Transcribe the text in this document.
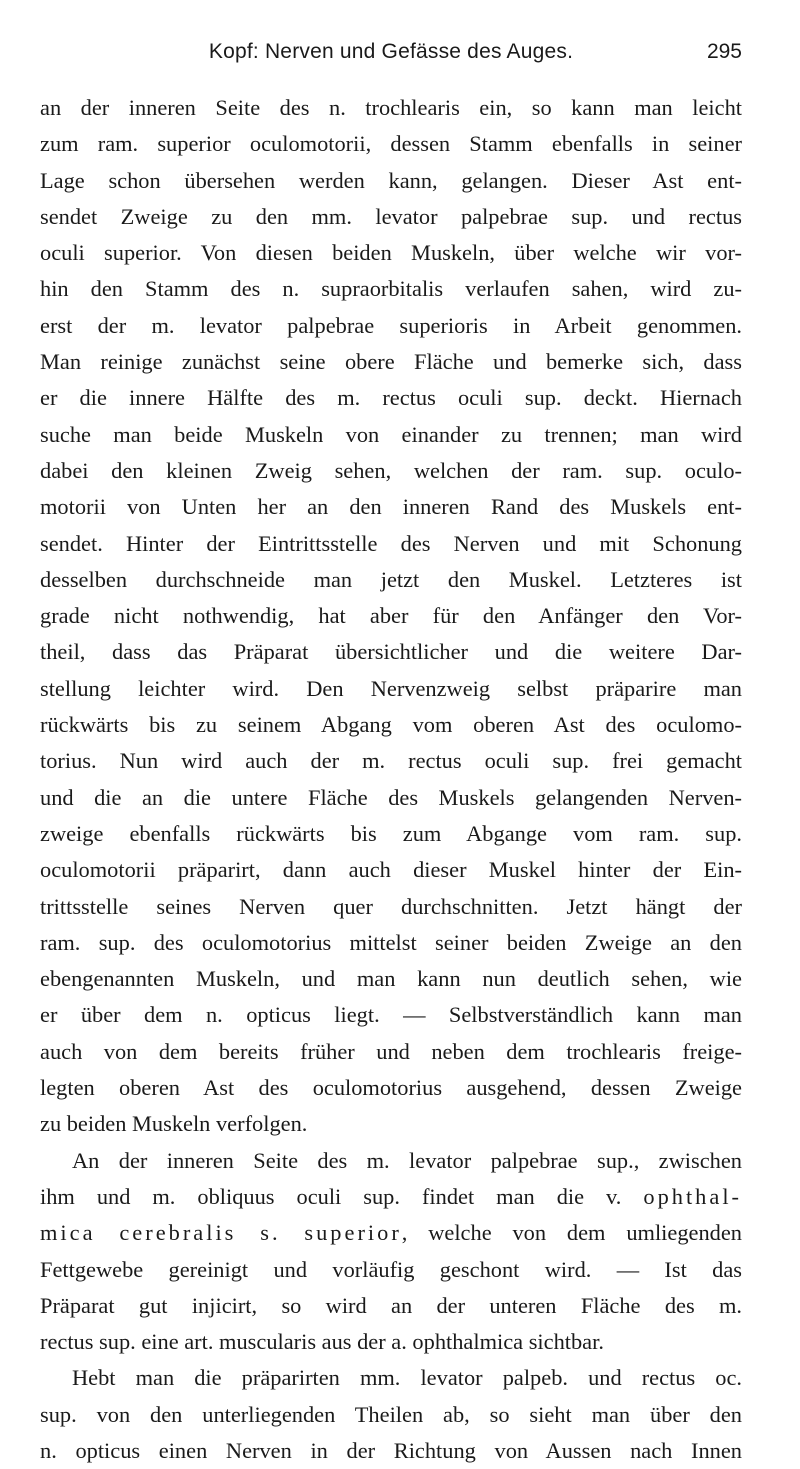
Kopf: Nerven und Gefässe des Auges.	295
an der inneren Seite des n. trochlearis ein, so kann man leicht
zum ram. superior oculomotorii, dessen Stamm ebenfalls in seiner
Lage schon übersehen werden kann, gelangen. Dieser Ast ent-
sendet Zweige zu den mm. levator palpebrae sup. und rectus
oculi superior. Von diesen beiden Muskeln, über welche wir vor-
hin den Stamm des n. supraorbitalis verlaufen sahen, wird zu-
erst der m. levator palpebrae superioris in Arbeit genommen.
Man reinige zunächst seine obere Fläche und bemerke sich, dass
er die innere Hälfte des m. rectus oculi sup. deckt. Hiernach
suche man beide Muskeln von einander zu trennen; man wird
dabei den kleinen Zweig sehen, welchen der ram. sup. oculo-
motorii von Unten her an den inneren Rand des Muskels ent-
sendet. Hinter der Eintrittsstelle des Nerven und mit Schonung
desselben durchschneide man jetzt den Muskel. Letzteres ist
grade nicht nothwendig, hat aber für den Anfänger den Vor-
theil, dass das Präparat übersichtlicher und die weitere Dar-
stellung leichter wird. Den Nervenzweig selbst präparire man
rückwärts bis zu seinem Abgang vom oberen Ast des oculomo-
torius. Nun wird auch der m. rectus oculi sup. frei gemacht
und die an die untere Fläche des Muskels gelangenden Nerven-
zweige ebenfalls rückwärts bis zum Abgange vom ram. sup.
oculomotorii präparirt, dann auch dieser Muskel hinter der Ein-
trittsstelle seines Nerven quer durchschnitten. Jetzt hängt der
ram. sup. des oculomotorius mittelst seiner beiden Zweige an den
ebengenannten Muskeln, und man kann nun deutlich sehen, wie
er über dem n. opticus liegt. — Selbstverständlich kann man
auch von dem bereits früher und neben dem trochlearis freige-
legten oberen Ast des oculomotorius ausgehend, dessen Zweige
zu beiden Muskeln verfolgen.
An der inneren Seite des m. levator palpebrae sup., zwischen
ihm und m. obliquus oculi sup. findet man die v. ophthal-
mica cerebralis s. superior, welche von dem umliegenden
Fettgewebe gereinigt und vorläufig geschont wird. — Ist das
Präparat gut injicirt, so wird an der unteren Fläche des m.
rectus sup. eine art. muscularis aus der a. ophthalmica sichtbar.
Hebt man die präparirten mm. levator palpeb. und rectus oc.
sup. von den unterliegenden Theilen ab, so sieht man über den
n. opticus einen Nerven in der Richtung von Aussen nach Innen
